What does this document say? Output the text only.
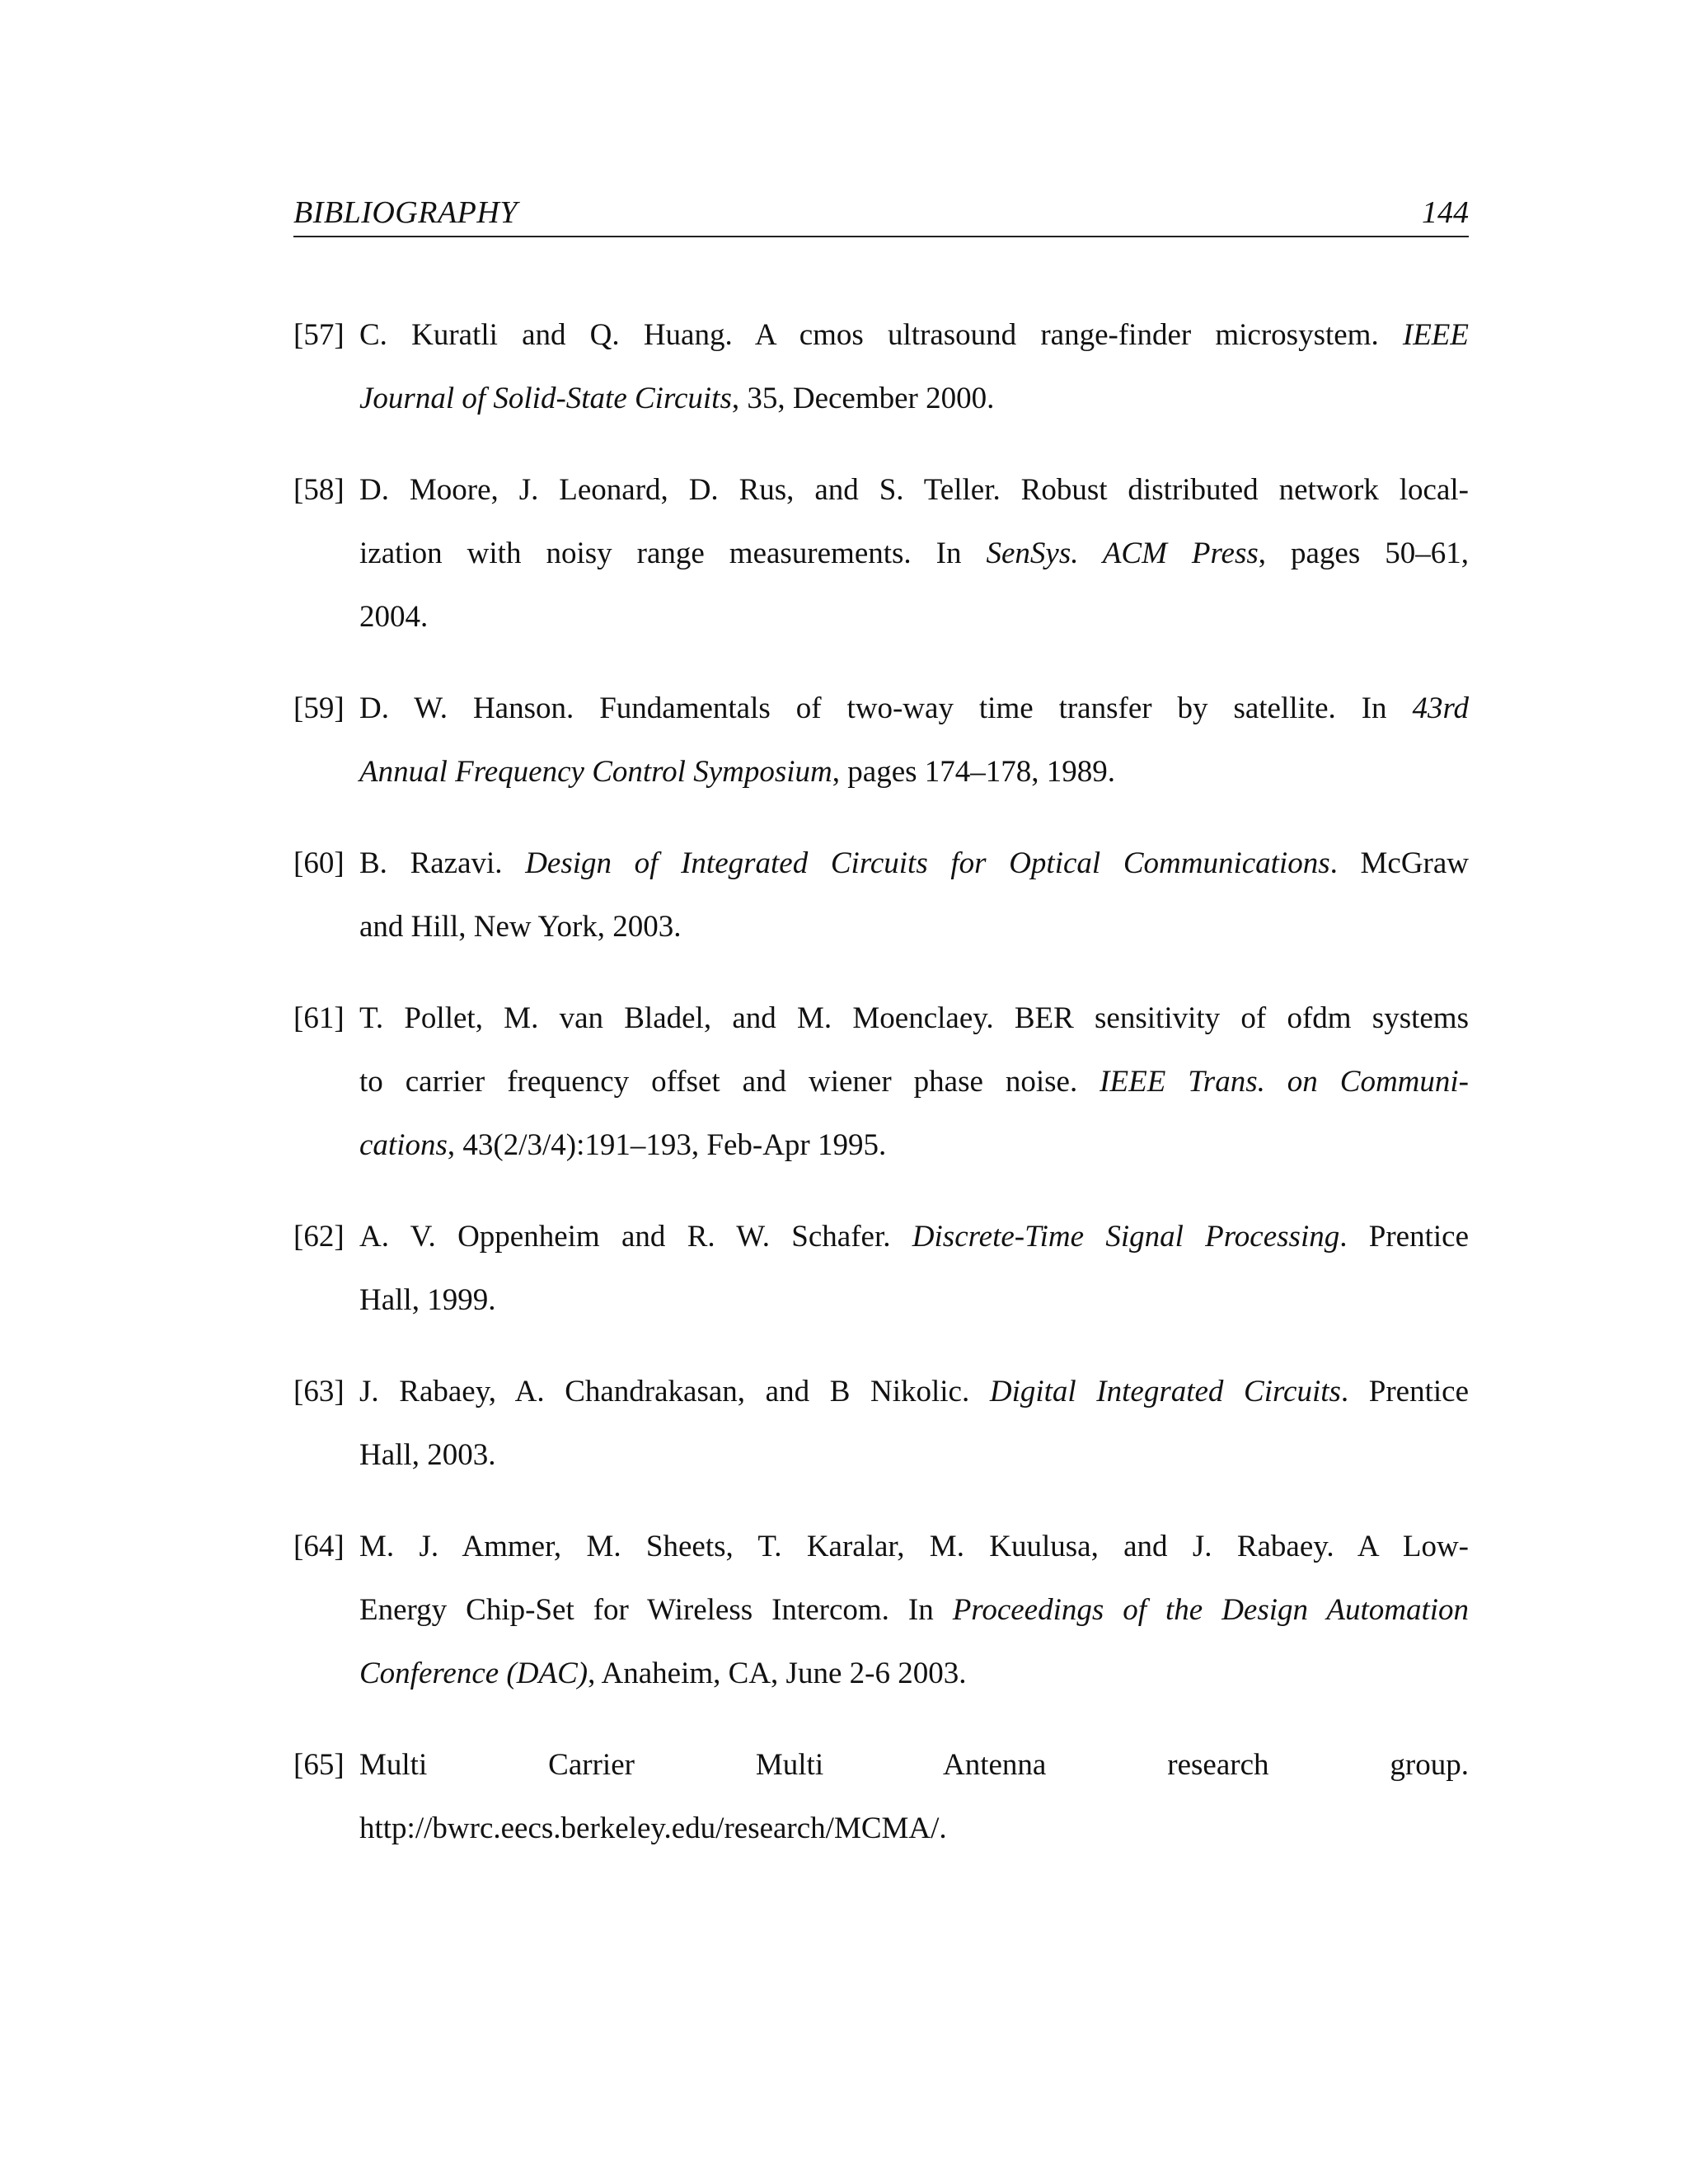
BIBLIOGRAPHY	144
[57] C. Kuratli and Q. Huang. A cmos ultrasound range-finder microsystem. IEEE
Journal of Solid-State Circuits, 35, December 2000.
[58] D. Moore, J. Leonard, D. Rus, and S. Teller. Robust distributed network local-
ization with noisy range measurements. In SenSys. ACM Press, pages 50–61,
2004.
[59] D. W. Hanson. Fundamentals of two-way time transfer by satellite. In 43rd
Annual Frequency Control Symposium, pages 174–178, 1989.
[60] B. Razavi. Design of Integrated Circuits for Optical Communications. McGraw
and Hill, New York, 2003.
[61] T. Pollet, M. van Bladel, and M. Moenclaey. BER sensitivity of ofdm systems
to carrier frequency offset and wiener phase noise. IEEE Trans. on Communi-
cations, 43(2/3/4):191–193, Feb-Apr 1995.
[62] A. V. Oppenheim and R. W. Schafer. Discrete-Time Signal Processing. Prentice
Hall, 1999.
[63] J. Rabaey, A. Chandrakasan, and B Nikolic. Digital Integrated Circuits. Prentice
Hall, 2003.
[64] M. J. Ammer, M. Sheets, T. Karalar, M. Kuulusa, and J. Rabaey. A Low-
Energy Chip-Set for Wireless Intercom. In Proceedings of the Design Automation
Conference (DAC), Anaheim, CA, June 2-6 2003.
[65] Multi Carrier Multi Antenna research group.
http://bwrc.eecs.berkeley.edu/research/MCMA/.
